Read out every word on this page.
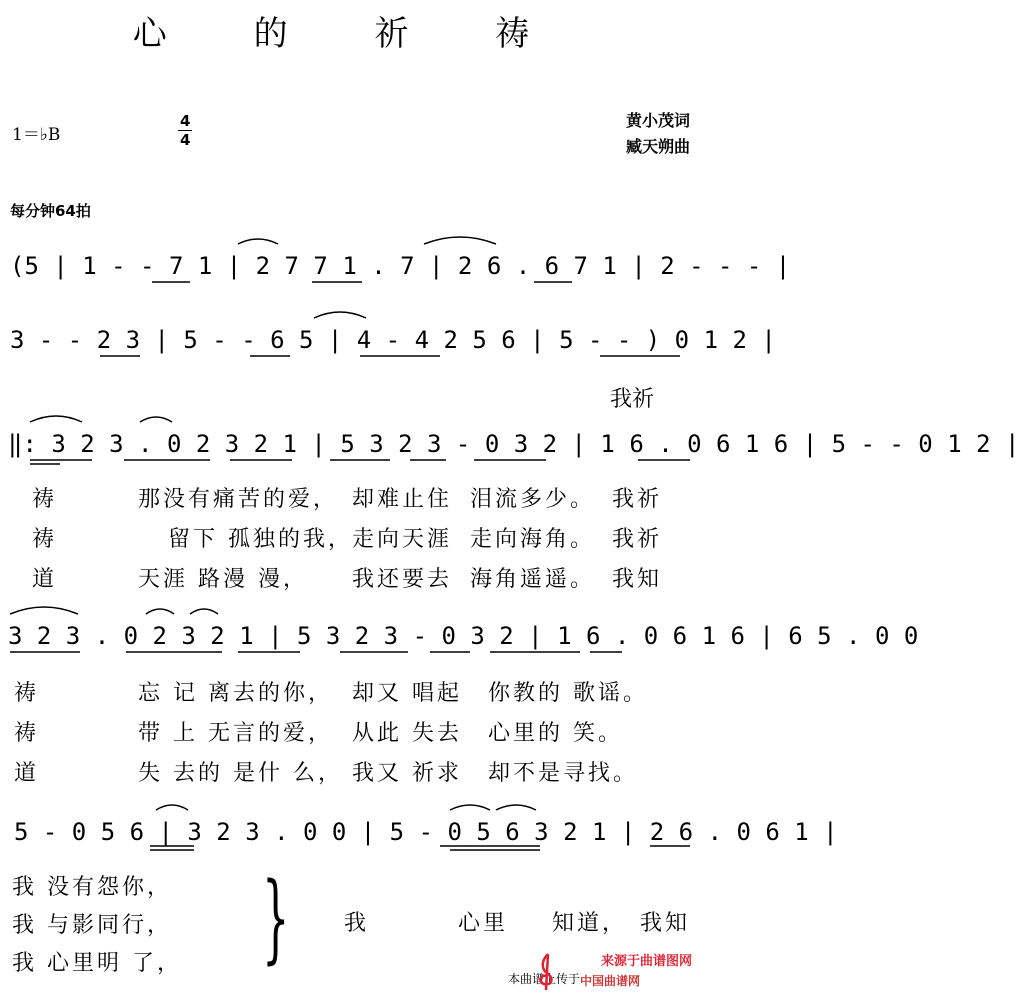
心 的 祈 祷
黄小茂词
臧天朔曲
1＝♭B
4
4
每分钟64拍
(5 | 1 - - 7 1 | 2 7 7 1 . 7 | 2 6 . 6 7 1 | 2 - - - |
3 - - 2 3 | 5 - - 6 5 | 4 - 4 2 5 6 | 5 - - ) 0 1 2 |
我祈
‖: 3 2 3 . 0 2 3 2 1 | 5 3 2 3 - 0 3 2 | 1 6 . 0 6 1 6 | 5 - - 0 1 2 |
祷	那没有痛苦的爱， 却难止住 泪流多少。 我祈
祷	留下 孤独的我， 走向天涯 走向海角。 我祈
道	天涯 路漫 漫， 我还要去 海角遥遥。 我知
3 2 3 . 0 2 3 2 1 | 5 3 2 3 - 0 3 2 | 1 6 . 0 6 1 6 | 6 5 . 0 0
祷	忘 记 离去的你， 却又 唱起 你教的 歌谣。
祷	带 上 无言的爱， 从此 失去 心里的 笑。
道	失 去的 是什 么， 我又 祈求 却不是寻找。
5 - 0 5 6 | 3 2 3 . 0 0 | 5 - 0 5 6 3 2 1 | 2 6 . 0 6 1 |
我 没有怨你，
我 与影同行，
我 心里明 了， } 我	心里 知道， 我知
本曲谱上传于
来源于曲谱图网
中国曲谱网
